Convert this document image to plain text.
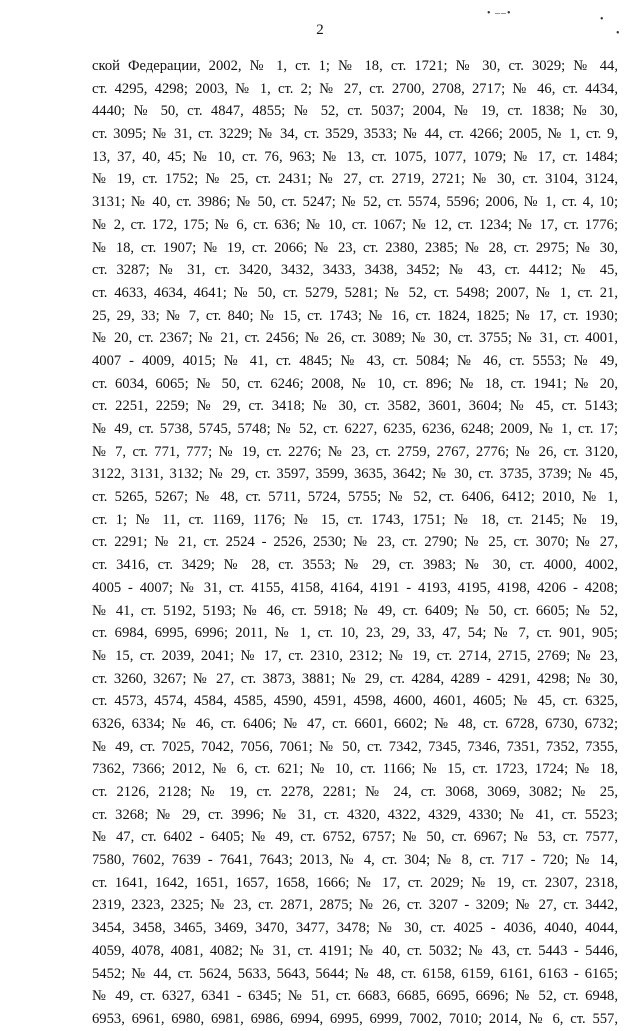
• ––•
•
•
2
ской Федерации, 2002, № 1, ст. 1; № 18, ст. 1721; № 30, ст. 3029; № 44,
ст. 4295, 4298; 2003, № 1, ст. 2; № 27, ст. 2700, 2708, 2717; № 46, ст. 4434,
4440; № 50, ст. 4847, 4855; № 52, ст. 5037; 2004, № 19, ст. 1838; № 30,
ст. 3095; № 31, ст. 3229; № 34, ст. 3529, 3533; № 44, ст. 4266; 2005, № 1, ст. 9,
13, 37, 40, 45; № 10, ст. 76, 963; № 13, ст. 1075, 1077, 1079; № 17, ст. 1484;
№ 19, ст. 1752; № 25, ст. 2431; № 27, ст. 2719, 2721; № 30, ст. 3104, 3124,
3131; № 40, ст. 3986; № 50, ст. 5247; № 52, ст. 5574, 5596; 2006, № 1, ст. 4, 10;
№ 2, ст. 172, 175; № 6, ст. 636; № 10, ст. 1067; № 12, ст. 1234; № 17, ст. 1776;
№ 18, ст. 1907; № 19, ст. 2066; № 23, ст. 2380, 2385; № 28, ст. 2975; № 30,
ст. 3287; № 31, ст. 3420, 3432, 3433, 3438, 3452; № 43, ст. 4412; № 45,
ст. 4633, 4634, 4641; № 50, ст. 5279, 5281; № 52, ст. 5498; 2007, № 1, ст. 21,
25, 29, 33; № 7, ст. 840; № 15, ст. 1743; № 16, ст. 1824, 1825; № 17, ст. 1930;
№ 20, ст. 2367; № 21, ст. 2456; № 26, ст. 3089; № 30, ст. 3755; № 31, ст. 4001,
4007 - 4009, 4015; № 41, ст. 4845; № 43, ст. 5084; № 46, ст. 5553; № 49,
ст. 6034, 6065; № 50, ст. 6246; 2008, № 10, ст. 896; № 18, ст. 1941; № 20,
ст. 2251, 2259; № 29, ст. 3418; № 30, ст. 3582, 3601, 3604; № 45, ст. 5143;
№ 49, ст. 5738, 5745, 5748; № 52, ст. 6227, 6235, 6236, 6248; 2009, № 1, ст. 17;
№ 7, ст. 771, 777; № 19, ст. 2276; № 23, ст. 2759, 2767, 2776; № 26, ст. 3120,
3122, 3131, 3132; № 29, ст. 3597, 3599, 3635, 3642; № 30, ст. 3735, 3739; № 45,
ст. 5265, 5267; № 48, ст. 5711, 5724, 5755; № 52, ст. 6406, 6412; 2010, № 1,
ст. 1; № 11, ст. 1169, 1176; № 15, ст. 1743, 1751; № 18, ст. 2145; № 19,
ст. 2291; № 21, ст. 2524 - 2526, 2530; № 23, ст. 2790; № 25, ст. 3070; № 27,
ст. 3416, ст. 3429; № 28, ст. 3553; № 29, ст. 3983; № 30, ст. 4000, 4002,
4005 - 4007; № 31, ст. 4155, 4158, 4164, 4191 - 4193, 4195, 4198, 4206 - 4208;
№ 41, ст. 5192, 5193; № 46, ст. 5918; № 49, ст. 6409; № 50, ст. 6605; № 52,
ст. 6984, 6995, 6996; 2011, № 1, ст. 10, 23, 29, 33, 47, 54; № 7, ст. 901, 905;
№ 15, ст. 2039, 2041; № 17, ст. 2310, 2312; № 19, ст. 2714, 2715, 2769; № 23,
ст. 3260, 3267; № 27, ст. 3873, 3881; № 29, ст. 4284, 4289 - 4291, 4298; № 30,
ст. 4573, 4574, 4584, 4585, 4590, 4591, 4598, 4600, 4601, 4605; № 45, ст. 6325,
6326, 6334; № 46, ст. 6406; № 47, ст. 6601, 6602; № 48, ст. 6728, 6730, 6732;
№ 49, ст. 7025, 7042, 7056, 7061; № 50, ст. 7342, 7345, 7346, 7351, 7352, 7355,
7362, 7366; 2012, № 6, ст. 621; № 10, ст. 1166; № 15, ст. 1723, 1724; № 18,
ст. 2126, 2128; № 19, ст. 2278, 2281; № 24, ст. 3068, 3069, 3082; № 25,
ст. 3268; № 29, ст. 3996; № 31, ст. 4320, 4322, 4329, 4330; № 41, ст. 5523;
№ 47, ст. 6402 - 6405; № 49, ст. 6752, 6757; № 50, ст. 6967; № 53, ст. 7577,
7580, 7602, 7639 - 7641, 7643; 2013, № 4, ст. 304; № 8, ст. 717 - 720; № 14,
ст. 1641, 1642, 1651, 1657, 1658, 1666; № 17, ст. 2029; № 19, ст. 2307, 2318,
2319, 2323, 2325; № 23, ст. 2871, 2875; № 26, ст. 3207 - 3209; № 27, ст. 3442,
3454, 3458, 3465, 3469, 3470, 3477, 3478; № 30, ст. 4025 - 4036, 4040, 4044,
4059, 4078, 4081, 4082; № 31, ст. 4191; № 40, ст. 5032; № 43, ст. 5443 - 5446,
5452; № 44, ст. 5624, 5633, 5643, 5644; № 48, ст. 6158, 6159, 6161, 6163 - 6165;
№ 49, ст. 6327, 6341 - 6345; № 51, ст. 6683, 6685, 6695, 6696; № 52, ст. 6948,
6953, 6961, 6980, 6981, 6986, 6994, 6995, 6999, 7002, 7010; 2014, № 6, ст. 557,
